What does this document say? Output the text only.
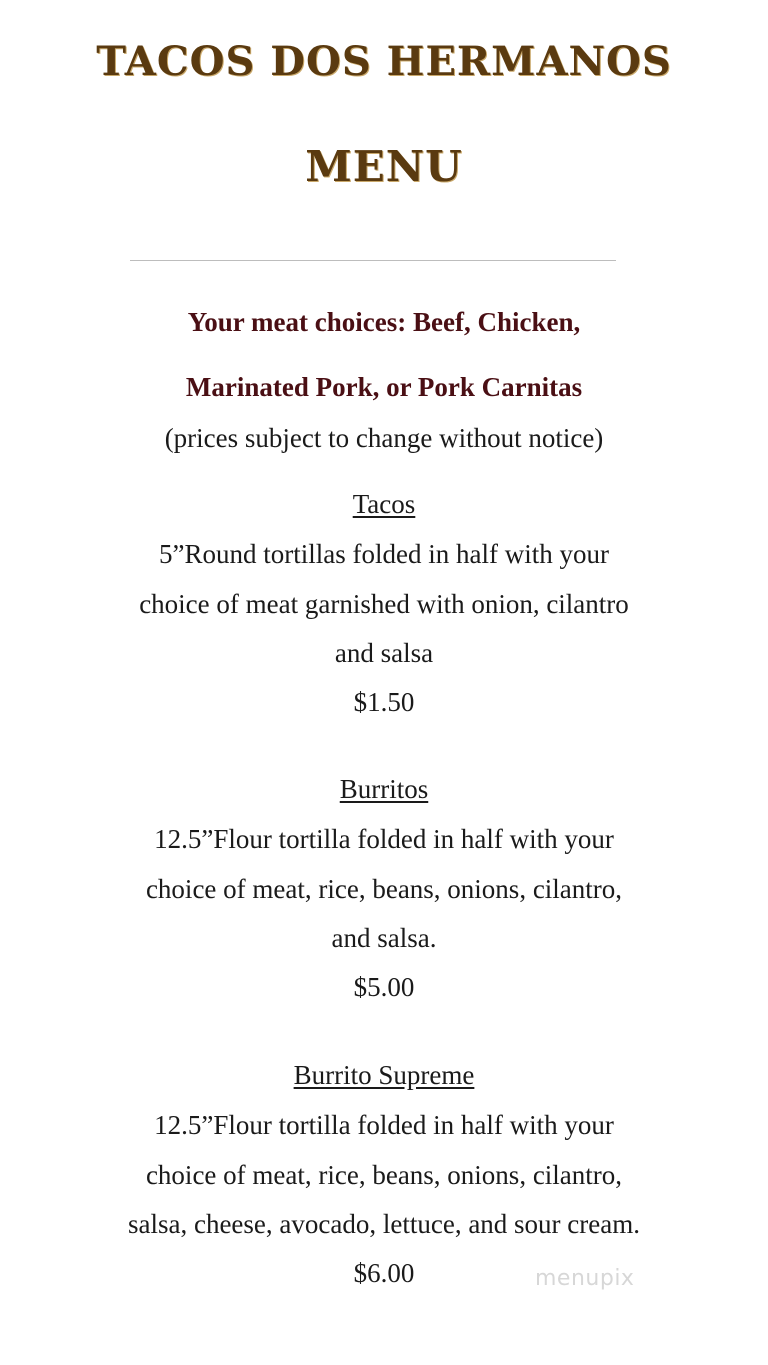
TACOS DOS HERMANOS
MENU

Your meat choices: Beef, Chicken,

Marinated Pork, or Pork Carnitas

(prices subject to change without notice)

Tacos

5”Round tortillas folded in half with your

choice of meat garnished with onion, cilantro

and salsa

$1.50

Burritos

12.5”Flour tortilla folded in half with your

choice of meat, rice, beans, onions, cilantro,

and salsa.

$5.00

Burrito Supreme

12.5”Flour tortilla folded in half with your

choice of meat, rice, beans, onions, cilantro,

salsa, cheese, avocado, lettuce, and sour cream.

$6.00	menupix
